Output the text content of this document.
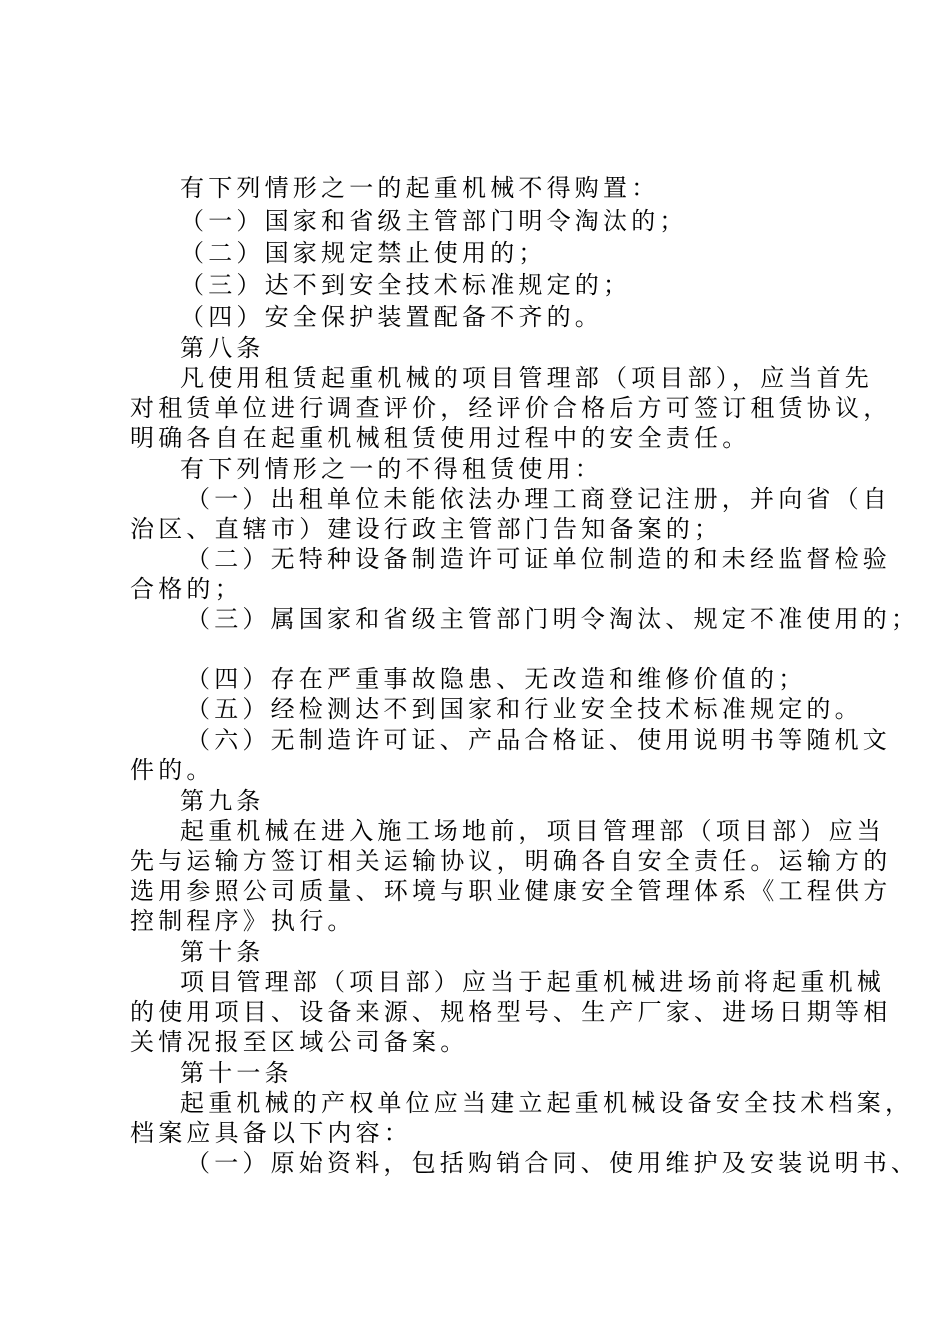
有下列情形之一的起重机械不得购置：
（一）国家和省级主管部门明令淘汰的；
（二）国家规定禁止使用的；
（三）达不到安全技术标准规定的；
（四）安全保护装置配备不齐的。
第八条
凡使用租赁起重机械的项目管理部（项目部），应当首先
对租赁单位进行调查评价，经评价合格后方可签订租赁协议，
明确各自在起重机械租赁使用过程中的安全责任。
有下列情形之一的不得租赁使用：
（一）出租单位未能依法办理工商登记注册，并向省（自
治区、直辖市）建设行政主管部门告知备案的；
（二）无特种设备制造许可证单位制造的和未经监督检验
合格的；
（三）属国家和省级主管部门明令淘汰、规定不准使用的；
（四）存在严重事故隐患、无改造和维修价值的；
（五）经检测达不到国家和行业安全技术标准规定的。
（六）无制造许可证、产品合格证、使用说明书等随机文
件的。
第九条
起重机械在进入施工场地前，项目管理部（项目部）应当
先与运输方签订相关运输协议，明确各自安全责任。运输方的
选用参照公司质量、环境与职业健康安全管理体系《工程供方
控制程序》执行。
第十条
项目管理部（项目部）应当于起重机械进场前将起重机械
的使用项目、设备来源、规格型号、生产厂家、进场日期等相
关情况报至区域公司备案。
第十一条
起重机械的产权单位应当建立起重机械设备安全技术档案，
档案应具备以下内容：
（一）原始资料，包括购销合同、使用维护及安装说明书、
